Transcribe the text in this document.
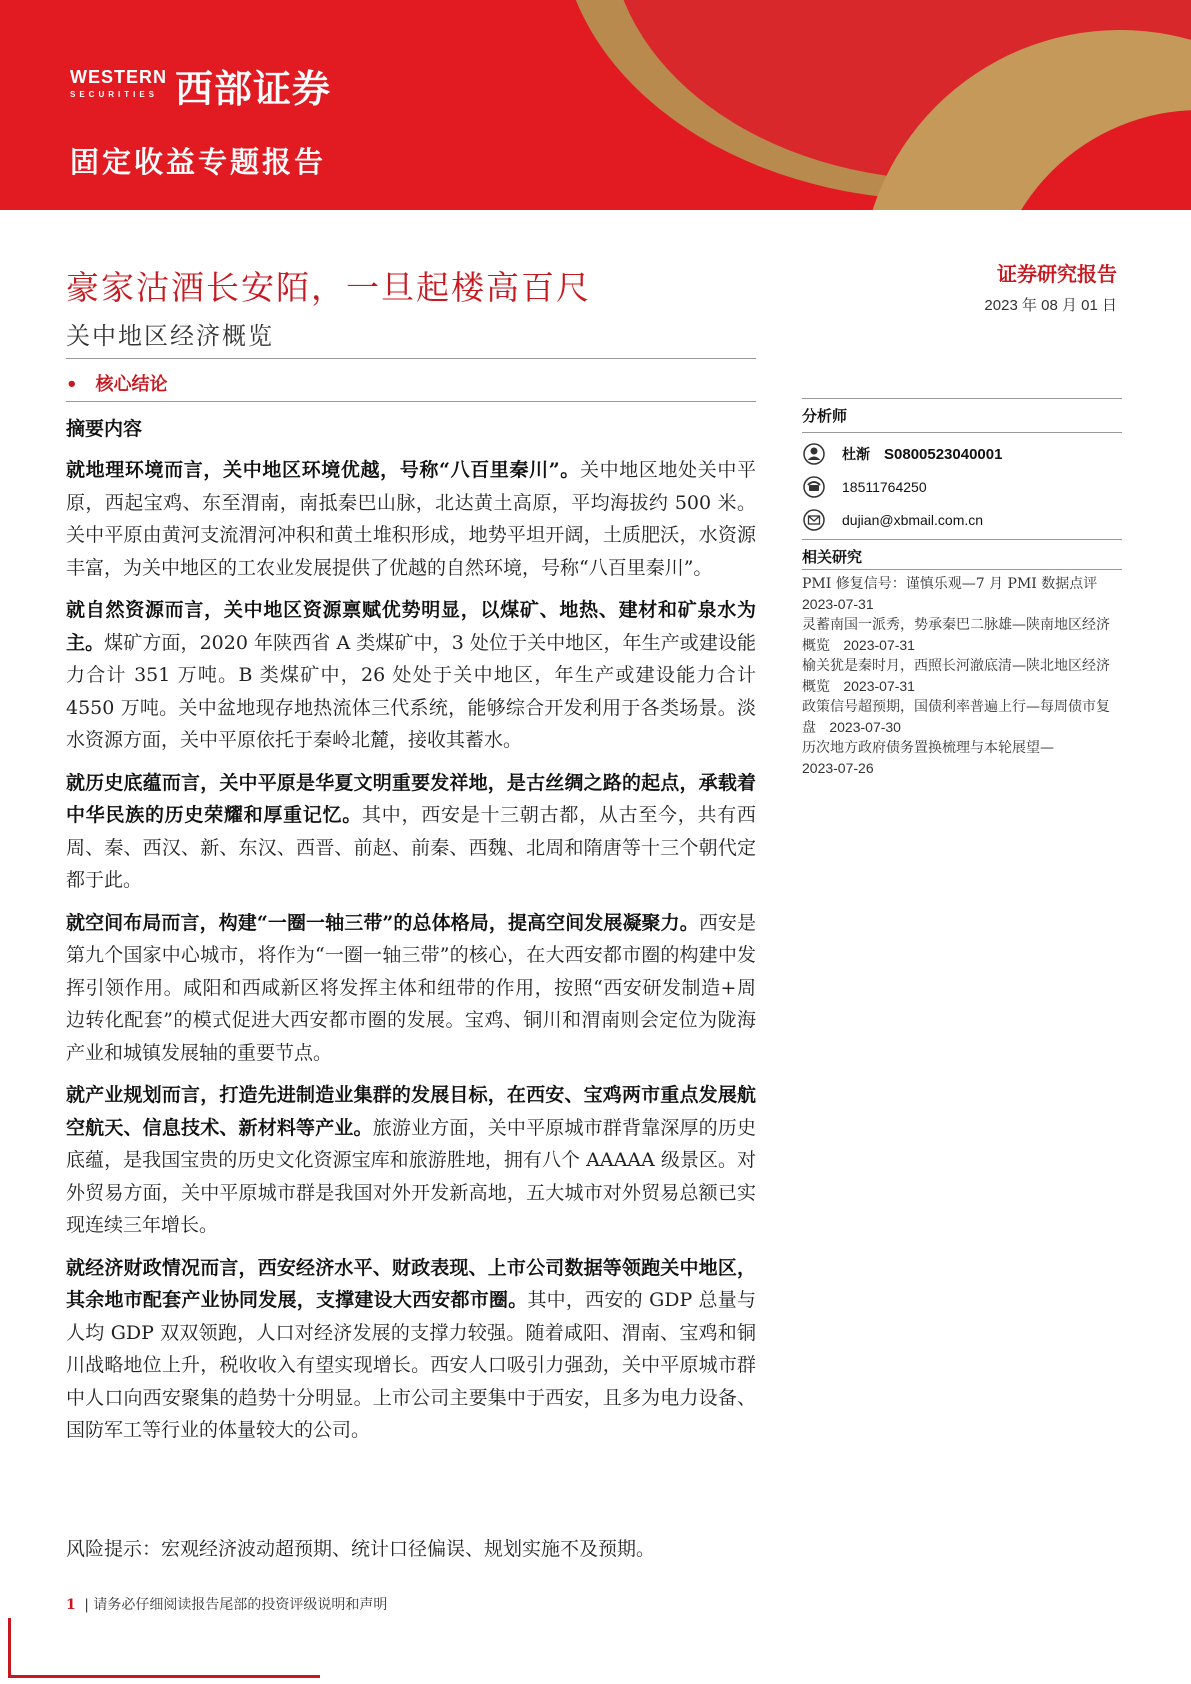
WESTERN
SECURITIES 西部证券
固定收益专题报告
豪家沽酒长安陌，一旦起楼高百尺
关中地区经济概览
• 核心结论
摘要内容

就地理环境而言，关中地区环境优越，号称“八百里秦川”。关中地区地处关中平原，西起宝鸡、东至渭南，南抵秦巴山脉，北达黄土高原，平均海拔约 500 米。关中平原由黄河支流渭河冲积和黄土堆积形成，地势平坦开阔，土质肥沃，水资源丰富，为关中地区的工农业发展提供了优越的自然环境，号称“八百里秦川”。

就自然资源而言，关中地区资源禀赋优势明显，以煤矿、地热、建材和矿泉水为主。煤矿方面，2020 年陕西省 A 类煤矿中，3 处位于关中地区，年生产或建设能力合计 351 万吨。B 类煤矿中，26 处处于关中地区，年生产或建设能力合计 4550 万吨。关中盆地现存地热流体三代系统，能够综合开发利用于各类场景。淡水资源方面，关中平原依托于秦岭北麓，接收其蓄水。

就历史底蕴而言，关中平原是华夏文明重要发祥地，是古丝绸之路的起点，承载着中华民族的历史荣耀和厚重记忆。其中，西安是十三朝古都，从古至今，共有西周、秦、西汉、新、东汉、西晋、前赵、前秦、西魏、北周和隋唐等十三个朝代定都于此。

就空间布局而言，构建“一圈一轴三带”的总体格局，提高空间发展凝聚力。西安是第九个国家中心城市，将作为“一圈一轴三带”的核心，在大西安都市圈的构建中发挥引领作用。咸阳和西咸新区将发挥主体和纽带的作用，按照“西安研发制造+周边转化配套”的模式促进大西安都市圈的发展。宝鸡、铜川和渭南则会定位为陇海产业和城镇发展轴的重要节点。

就产业规划而言，打造先进制造业集群的发展目标，在西安、宝鸡两市重点发展航空航天、信息技术、新材料等产业。旅游业方面，关中平原城市群背靠深厚的历史底蕴，是我国宝贵的历史文化资源宝库和旅游胜地，拥有八个 AAAAA 级景区。对外贸易方面，关中平原城市群是我国对外开发新高地，五大城市对外贸易总额已实现连续三年增长。

就经济财政情况而言，西安经济水平、财政表现、上市公司数据等领跑关中地区，其余地市配套产业协同发展，支撑建设大西安都市圈。其中，西安的 GDP 总量与人均 GDP 双双领跑，人口对经济发展的支撑力较强。随着咸阳、渭南、宝鸡和铜川战略地位上升，税收收入有望实现增长。西安人口吸引力强劲，关中平原城市群中人口向西安聚集的趋势十分明显。上市公司主要集中于西安，且多为电力设备、国防军工等行业的体量较大的公司。

风险提示：宏观经济波动超预期、统计口径偏误、规划实施不及预期。
1 | 请务必仔细阅读报告尾部的投资评级说明和声明
证券研究报告
2023 年 08 月 01 日
分析师
杜渐 S0800523040001
18511764250
dujian@xbmail.com.cn
相关研究
PMI 修复信号：谨慎乐观—7 月 PMI 数据点评
2023-07-31
灵蓄南国一派秀，势承秦巴二脉雄—陕南地区经济概览 2023-07-31
榆关犹是秦时月，西照长河澈底清—陕北地区经济概览 2023-07-31
政策信号超预期，国债利率普遍上行—每周债市复盘 2023-07-30
历次地方政府债务置换梳理与本轮展望—
2023-07-26
